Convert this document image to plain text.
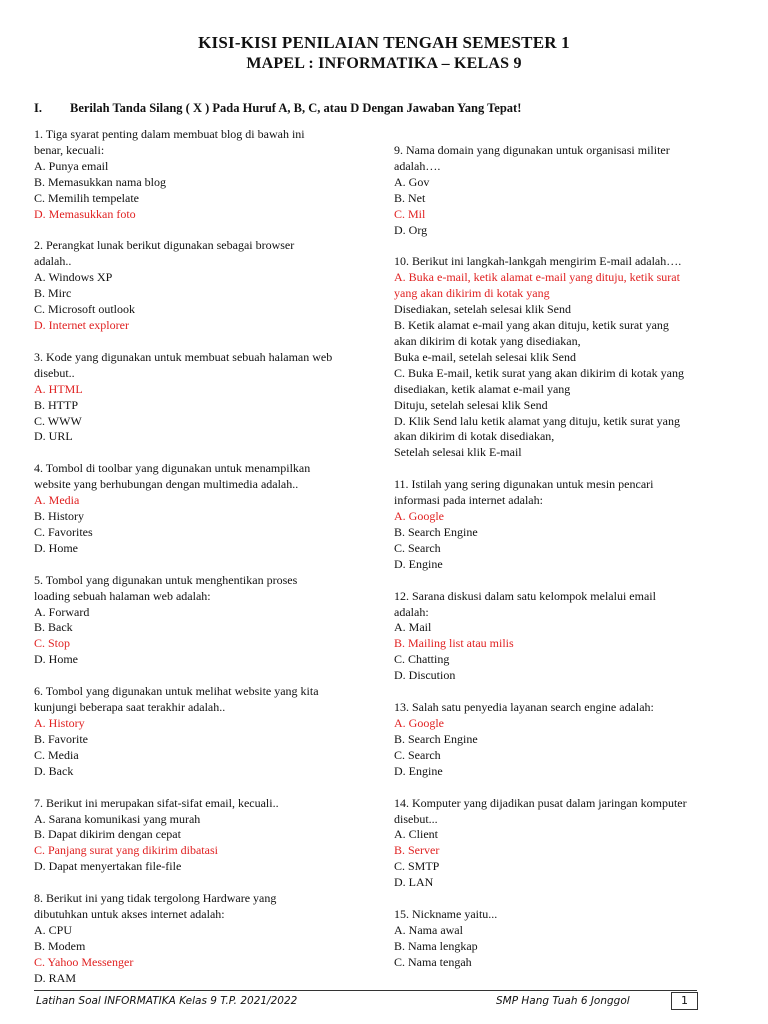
KISI-KISI PENILAIAN TENGAH SEMESTER 1
MAPEL : INFORMATIKA – KELAS 9
I. Berilah Tanda Silang ( X ) Pada Huruf A, B, C, atau D Dengan Jawaban Yang Tepat!

1. Tiga syarat penting dalam membuat blog di bawah ini

benar, kecuali:

A. Punya email

B. Memasukkan nama blog

C. Memilih tempelate

D. Memasukkan foto

2. Perangkat lunak berikut digunakan sebagai browser

adalah..

A. Windows XP

B. Mirc

C. Microsoft outlook

D. Internet explorer

3. Kode yang digunakan untuk membuat sebuah halaman web

disebut..

A. HTML

B. HTTP

C. WWW

D. URL

4. Tombol di toolbar yang digunakan untuk menampilkan

website yang berhubungan dengan multimedia adalah..

A. Media

B. History

C. Favorites

D. Home

5. Tombol yang digunakan untuk menghentikan proses

loading sebuah halaman web adalah:

A. Forward

B. Back

C. Stop

D. Home

6. Tombol yang digunakan untuk melihat website yang kita

kunjungi beberapa saat terakhir adalah..

A. History

B. Favorite

C. Media

D. Back

7. Berikut ini merupakan sifat-sifat email, kecuali..

A. Sarana komunikasi yang murah

B. Dapat dikirim dengan cepat

C. Panjang surat yang dikirim dibatasi

D. Dapat menyertakan file-file

8. Berikut ini yang tidak tergolong Hardware yang

dibutuhkan untuk akses internet adalah:

A. CPU

B. Modem

C. Yahoo Messenger

D. RAM

9. Nama domain yang digunakan untuk organisasi militer

adalah….

A. Gov

B. Net

C. Mil

D. Org

10. Berikut ini langkah-lankgah mengirim E-mail adalah….

A. Buka e-mail, ketik alamat e-mail yang dituju, ketik surat

yang akan dikirim di kotak yang

Disediakan, setelah selesai klik Send

B. Ketik alamat e-mail yang akan dituju, ketik surat yang

akan dikirim di kotak yang disediakan,

Buka e-mail, setelah selesai klik Send

C. Buka E-mail, ketik surat yang akan dikirim di kotak yang

disediakan, ketik alamat e-mail yang

Dituju, setelah selesai klik Send

D. Klik Send lalu ketik alamat yang dituju, ketik surat yang

akan dikirim di kotak disediakan,

Setelah selesai klik E-mail

11. Istilah yang sering digunakan untuk mesin pencari

informasi pada internet adalah:

A. Google

B. Search Engine

C. Search

D. Engine

12. Sarana diskusi dalam satu kelompok melalui email

adalah:

A. Mail

B. Mailing list atau milis

C. Chatting

D. Discution

13. Salah satu penyedia layanan search engine adalah:

A. Google

B. Search Engine

C. Search

D. Engine

14. Komputer yang dijadikan pusat dalam jaringan komputer

disebut...

A. Client

B. Server

C. SMTP

D. LAN

15. Nickname yaitu...

A. Nama awal

B. Nama lengkap

C. Nama tengah

Latihan Soal INFORMATIKA Kelas 9 T.P. 2021/2022	SMP Hang Tuah 6 Jonggol	1
